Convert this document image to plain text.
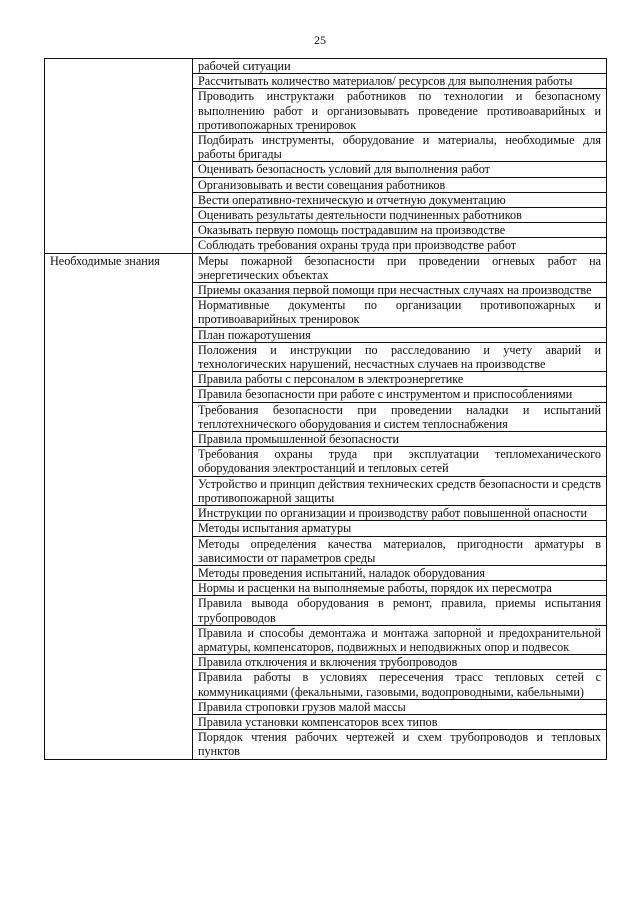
25
	рабочей ситуации
	Рассчитывать количество материалов/ ресурсов для выполнения работы
	Проводить инструктажи работников по технологии и безопасному выполнению работ и организовывать проведение противоаварийных и противопожарных тренировок
	Подбирать инструменты, оборудование и материалы, необходимые для работы бригады
	Оценивать безопасность условий для выполнения работ
	Организовывать и вести совещания работников
	Вести оперативно-техническую и отчетную документацию
	Оценивать результаты деятельности подчиненных работников
	Оказывать первую помощь пострадавшим на производстве
	Соблюдать требования охраны труда при производстве работ
Необходимые знания	Меры пожарной безопасности при проведении огневых работ на энергетических объектах
	Приемы оказания первой помощи при несчастных случаях на производстве
	Нормативные документы по организации противопожарных и противоаварийных тренировок
	План пожаротушения
	Положения и инструкции по расследованию и учету аварий и технологических нарушений, несчастных случаев на производстве
	Правила работы с персоналом в электроэнергетике
	Правила безопасности при работе с инструментом и приспособлениями
	Требования безопасности при проведении наладки и испытаний теплотехнического оборудования и систем теплоснабжения
	Правила промышленной безопасности
	Требования охраны труда при эксплуатации тепломеханического оборудования электростанций и тепловых сетей
	Устройство и принцип действия технических средств безопасности и средств противопожарной защиты
	Инструкции по организации и производству работ повышенной опасности
	Методы испытания арматуры
	Методы определения качества материалов, пригодности арматуры в зависимости от параметров среды
	Методы проведения испытаний, наладок оборудования
	Нормы и расценки на выполняемые работы, порядок их пересмотра
	Правила вывода оборудования в ремонт, правила, приемы испытания трубопроводов
	Правила и способы демонтажа и монтажа запорной и предохранительной арматуры, компенсаторов, подвижных и неподвижных опор и подвесок
	Правила отключения и включения трубопроводов
	Правила работы в условиях пересечения трасс тепловых сетей с коммуникациями (фекальными, газовыми, водопроводными, кабельными)
	Правила строповки грузов малой массы
	Правила установки компенсаторов всех типов
	Порядок чтения рабочих чертежей и схем трубопроводов и тепловых пунктов
